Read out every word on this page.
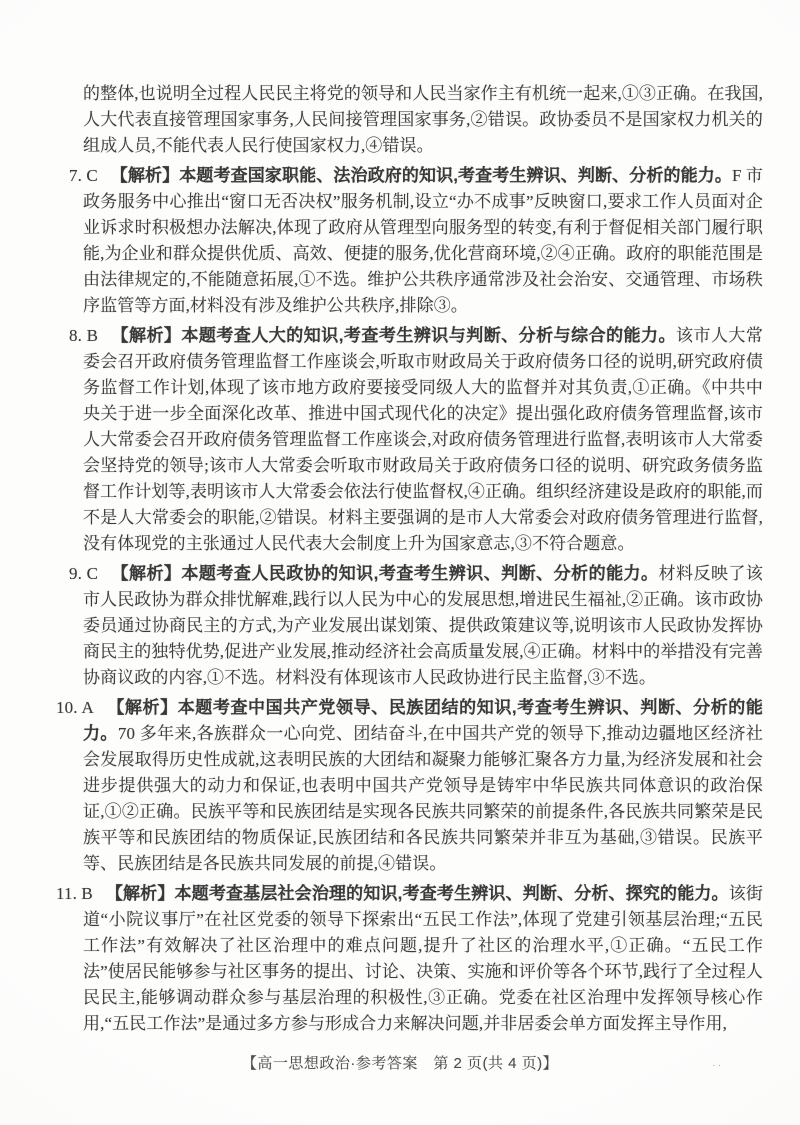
的整体,也说明全过程人民民主将党的领导和人民当家作主有机统一起来,①③正确。在我国,人大代表直接管理国家事务,人民间接管理国家事务,②错误。政协委员不是国家权力机关的组成人员,不能代表人民行使国家权力,④错误。

7. C 【解析】本题考查国家职能、法治政府的知识,考查考生辨识、判断、分析的能力。F 市政务服务中心推出“窗口无否决权”服务机制,设立“办不成事”反映窗口,要求工作人员面对企业诉求时积极想办法解决,体现了政府从管理型向服务型的转变,有利于督促相关部门履行职能,为企业和群众提供优质、高效、便捷的服务,优化营商环境,②④正确。政府的职能范围是由法律规定的,不能随意拓展,①不选。维护公共秩序通常涉及社会治安、交通管理、市场秩序监管等方面,材料没有涉及维护公共秩序,排除③。

8. B 【解析】本题考查人大的知识,考查考生辨识与判断、分析与综合的能力。该市人大常委会召开政府债务管理监督工作座谈会,听取市财政局关于政府债务口径的说明,研究政府债务监督工作计划,体现了该市地方政府要接受同级人大的监督并对其负责,①正确。《中共中央关于进一步全面深化改革、推进中国式现代化的决定》提出强化政府债务管理监督,该市人大常委会召开政府债务管理监督工作座谈会,对政府债务管理进行监督,表明该市人大常委会坚持党的领导;该市人大常委会听取市财政局关于政府债务口径的说明、研究政务债务监督工作计划等,表明该市人大常委会依法行使监督权,④正确。组织经济建设是政府的职能,而不是人大常委会的职能,②错误。材料主要强调的是市人大常委会对政府债务管理进行监督,没有体现党的主张通过人民代表大会制度上升为国家意志,③不符合题意。

9. C 【解析】本题考查人民政协的知识,考查考生辨识、判断、分析的能力。材料反映了该市人民政协为群众排忧解难,践行以人民为中心的发展思想,增进民生福祉,②正确。该市政协委员通过协商民主的方式,为产业发展出谋划策、提供政策建议等,说明该市人民政协发挥协商民主的独特优势,促进产业发展,推动经济社会高质量发展,④正确。材料中的举措没有完善协商议政的内容,①不选。材料没有体现该市人民政协进行民主监督,③不选。

10. A 【解析】本题考查中国共产党领导、民族团结的知识,考查考生辨识、判断、分析的能力。70 多年来,各族群众一心向党、团结奋斗,在中国共产党的领导下,推动边疆地区经济社会发展取得历史性成就,这表明民族的大团结和凝聚力能够汇聚各方力量,为经济发展和社会进步提供强大的动力和保证,也表明中国共产党领导是铸牢中华民族共同体意识的政治保证,①②正确。民族平等和民族团结是实现各民族共同繁荣的前提条件,各民族共同繁荣是民族平等和民族团结的物质保证,民族团结和各民族共同繁荣并非互为基础,③错误。民族平等、民族团结是各民族共同发展的前提,④错误。

11. B 【解析】本题考查基层社会治理的知识,考查考生辨识、判断、分析、探究的能力。该街道“小院议事厅”在社区党委的领导下探索出“五民工作法”,体现了党建引领基层治理;“五民工作法”有效解决了社区治理中的难点问题,提升了社区的治理水平,①正确。“五民工作法”使居民能够参与社区事务的提出、讨论、决策、实施和评价等各个环节,践行了全过程人民民主,能够调动群众参与基层治理的积极性,③正确。党委在社区治理中发挥领导核心作用,“五民工作法”是通过多方参与形成合力来解决问题,并非居委会单方面发挥主导作用,

【高一思想政治·参考答案　第 2 页(共 4 页)】	··
